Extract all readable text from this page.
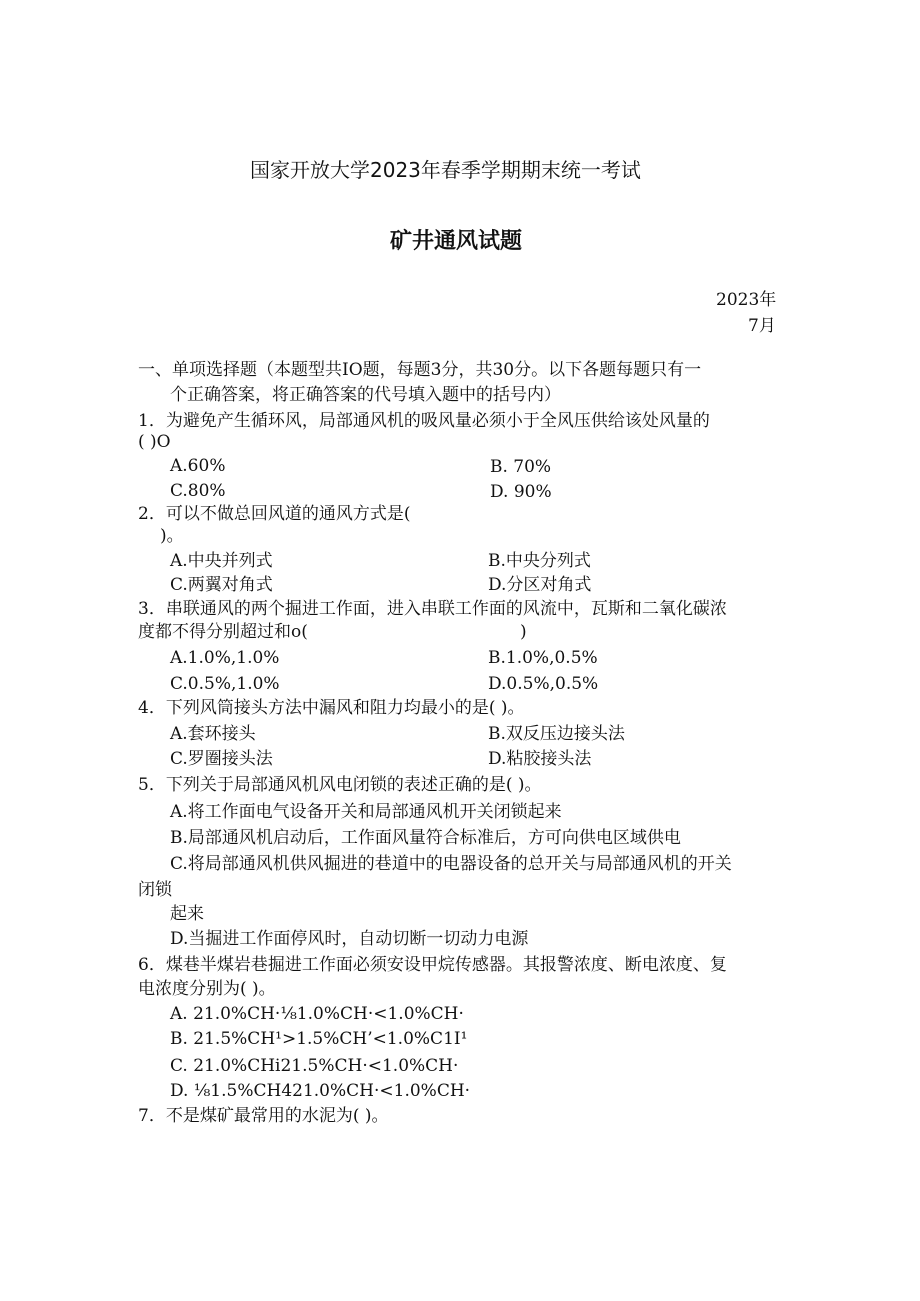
国家开放大学2023年春季学期期末统一考试
矿井通风试题
2023年
7月
一、单项选择题（本题型共IO题，每题3分，共30分。以下各题每题只有一
个正确答案，将正确答案的代号填入题中的括号内）
1．为避免产生循环风，局部通风机的吸风量必须小于全风压供给该处风量的
( )O
A.60%	B. 70%
C.80%	D. 90%
2．可以不做总回风道的通风方式是(
)。
A.中央并列式	B.中央分列式
C.两翼对角式	D.分区对角式
3．串联通风的两个掘进工作面，进入串联工作面的风流中，瓦斯和二氧化碳浓
度都不得分别超过和o(	)
A.1.0%,1.0%	B.1.0%,0.5%
C.0.5%,1.0%	D.0.5%,0.5%
4．下列风筒接头方法中漏风和阻力均最小的是( )。
A.套环接头	B.双反压边接头法
C.罗圈接头法	D.粘胶接头法
5．下列关于局部通风机风电闭锁的表述正确的是( )。
A.将工作面电气设备开关和局部通风机开关闭锁起来
B.局部通风机启动后，工作面风量符合标准后，方可向供电区域供电
C.将局部通风机供风掘进的巷道中的电器设备的总开关与局部通风机的开关
闭锁
起来
D.当掘进工作面停风时，自动切断一切动力电源
6．煤巷半煤岩巷掘进工作面必须安设甲烷传感器。其报警浓度、断电浓度、复
电浓度分别为( )。
A. 21.0%CH·⅛1.0%CH·<1.0%CH·
B. 21.5%CH¹>1.5%CH’<1.0%C1I¹
C. 21.0%CHi21.5%CH·<1.0%CH·
D. ⅛1.5%CH421.0%CH·<1.0%CH·
7．不是煤矿最常用的水泥为( )。
